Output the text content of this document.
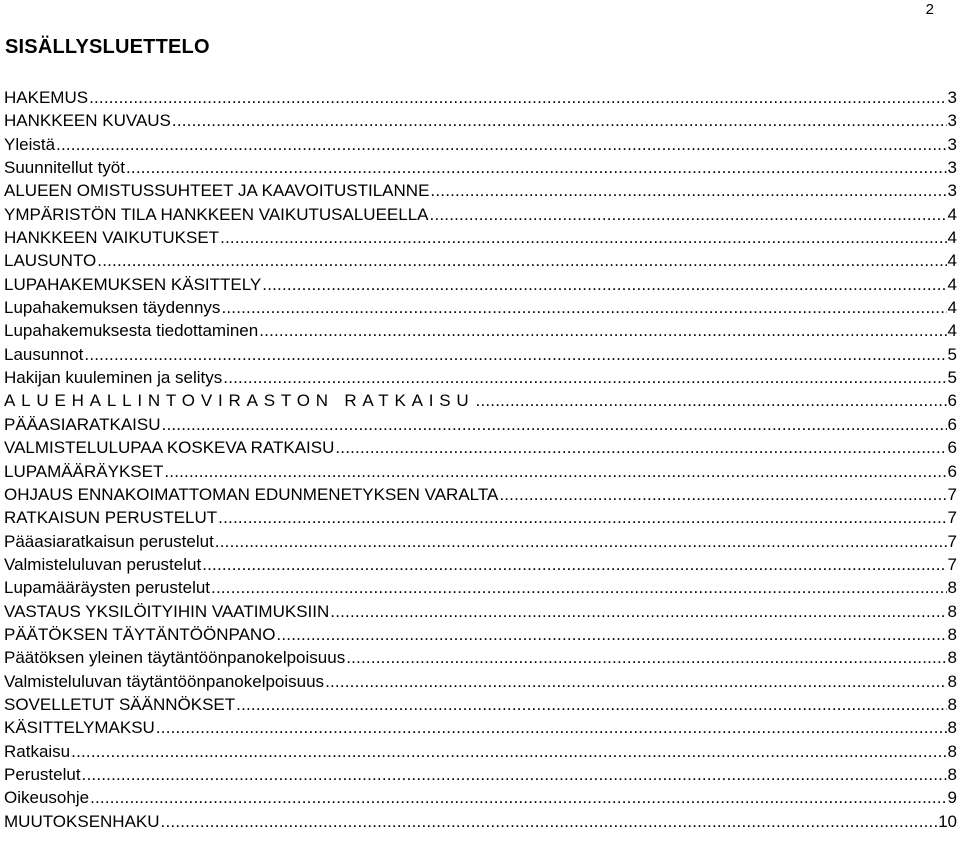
2
SISÄLLYSLUETTELO
HAKEMUS .....	3
HANKKEEN KUVAUS .....	3
Yleistä .....	3
Suunnitellut työt .....	3
ALUEEN OMISTUSSUHTEET JA KAAVOITUSTILANNE .....	3
YMPÄRISTÖN TILA HANKKEEN VAIKUTUSALUEELLA .....	4
HANKKEEN VAIKUTUKSET .....	4
LAUSUNTO .....	4
LUPAHAKEMUKSEN KÄSITTELY .....	4
Lupahakemuksen täydennys .....	4
Lupahakemuksesta tiedottaminen .....	4
Lausunnot .....	5
Hakijan kuuleminen ja selitys .....	5
ALUEHALLINTOVIRASTON RATKAISU .....	6
PÄÄASIARATKAISU .....	6
VALMISTELULUPAA KOSKEVA RATKAISU .....	6
LUPAMÄÄRÄYKSET .....	6
OHJAUS ENNAKOIMATTOMAN EDUNMENETYKSEN VARALTA .....	7
RATKAISUN PERUSTELUT .....	7
Pääasiaratkaisun perustelut .....	7
Valmisteluluvan perustelut .....	7
Lupamääräysten perustelut .....	8
VASTAUS YKSILÖITYIHIN VAATIMUKSIIN .....	8
PÄÄTÖKSEN TÄYTÄNTÖÖNPANO .....	8
Päätöksen yleinen täytäntöönpanokelpoisuus .....	8
Valmisteluluvan täytäntöönpanokelpoisuus .....	8
SOVELLETUT SÄÄNNÖKSET .....	8
KÄSITTELYMAKSU .....	8
Ratkaisu .....	8
Perustelut .....	8
Oikeusohje .....	9
MUUTOKSENHAKU .....	10
